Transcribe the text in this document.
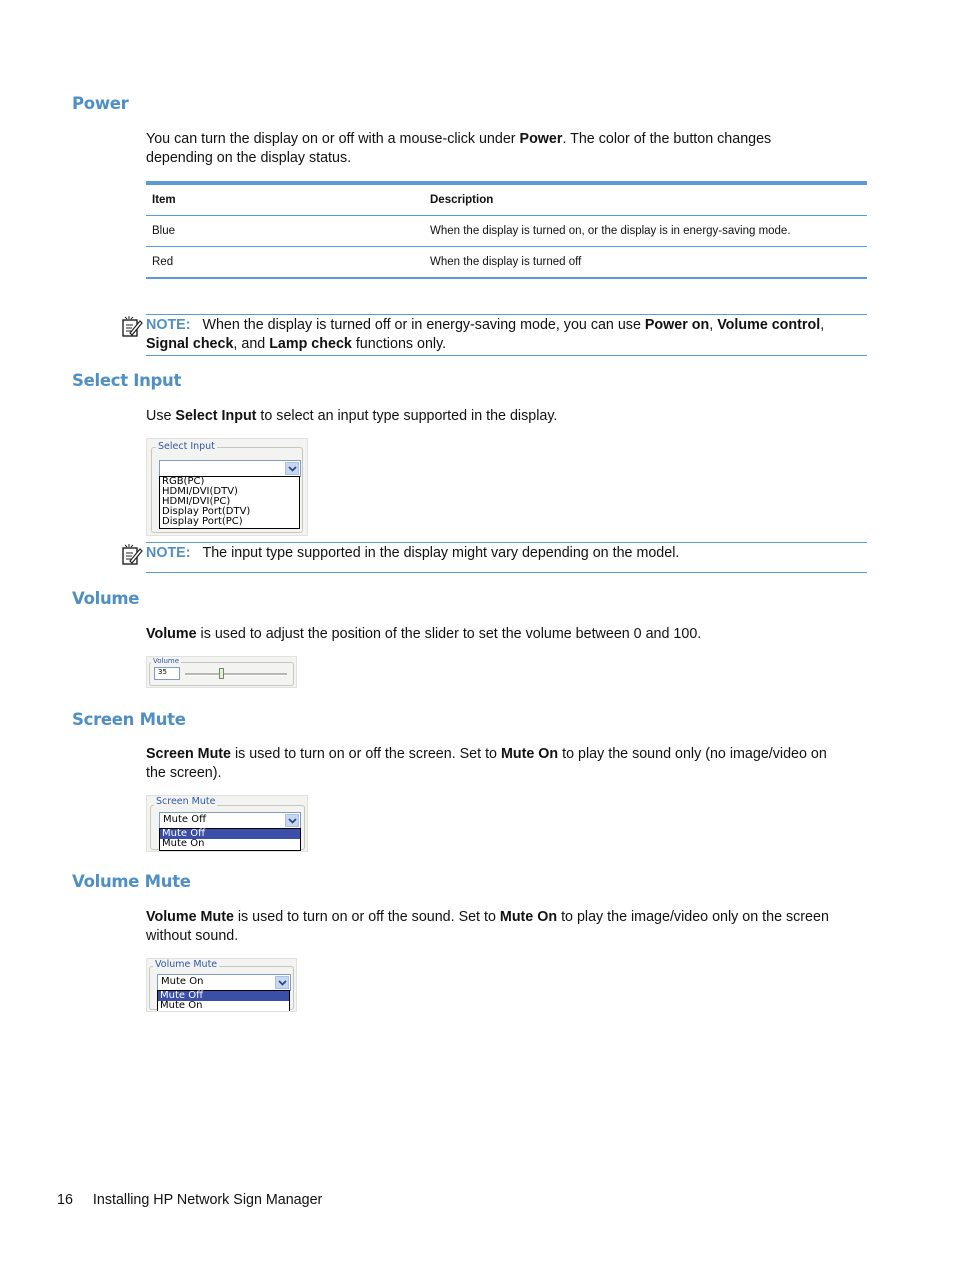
Power
You can turn the display on or off with a mouse-click under Power. The color of the button changes
depending on the display status.
Item	Description
Blue	When the display is turned on, or the display is in energy-saving mode.
Red	When the display is turned off
NOTE: When the display is turned off or in energy-saving mode, you can use Power on, Volume control,
Signal check, and Lamp check functions only.
Select Input
Use Select Input to select an input type supported in the display.
Select Input
RGB(PC)
HDMI/DVI(DTV)
HDMI/DVI(PC)
Display Port(DTV)
Display Port(PC)
NOTE: The input type supported in the display might vary depending on the model.
Volume
Volume is used to adjust the position of the slider to set the volume between 0 and 100.
Volume
35
Screen Mute
Screen Mute is used to turn on or off the screen. Set to Mute On to play the sound only (no image/video on
the screen).
Screen Mute
Mute Off
Mute Off
Mute On
Volume Mute
Volume Mute is used to turn on or off the sound. Set to Mute On to play the image/video only on the screen
without sound.
Volume Mute
Mute On
Mute Off
Mute On
16 Installing HP Network Sign Manager
